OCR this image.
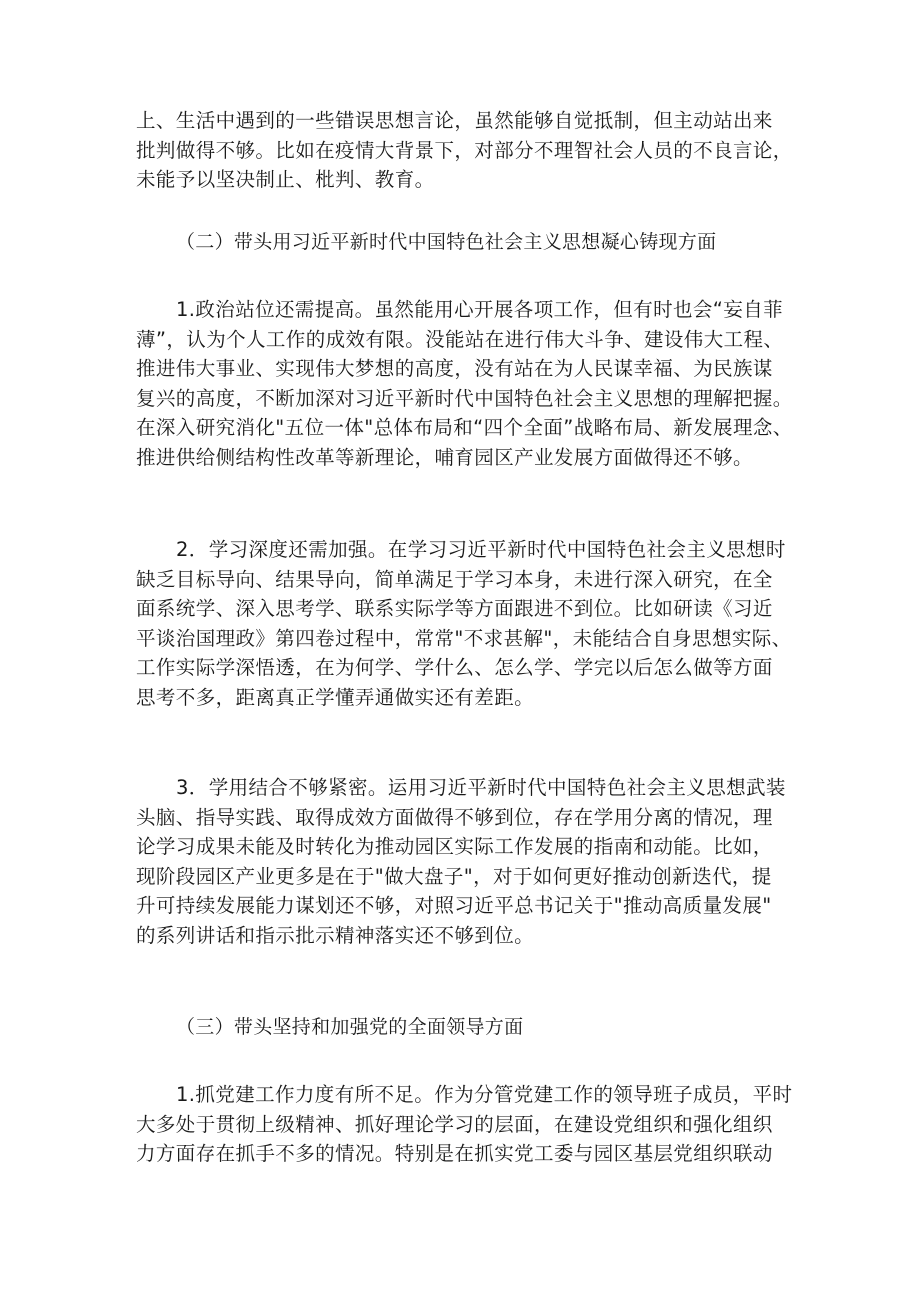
上、生活中遇到的一些错误思想言论，虽然能够自觉抵制，但主动站出来
批判做得不够。比如在疫情大背景下，对部分不理智社会人员的不良言论，
未能予以坚决制止、枇判、教育。
（二）带头用习近平新时代中国特色社会主义思想凝心铸现方面
1.政治站位还需提高。虽然能用心开展各项工作，但有时也会“妄自菲
薄”，认为个人工作的成效有限。没能站在进行伟大斗争、建设伟大工程、
推进伟大事业、实现伟大梦想的高度，没有站在为人民谋幸福、为民族谋
复兴的高度，不断加深对习近平新时代中国特色社会主义思想的理解把握。
在深入研究消化"五位一体"总体布局和“四个全面”战略布局、新发展理念、
推进供给侧结构性改革等新理论，哺育园区产业发展方面做得还不够。
2．学习深度还需加强。在学习习近平新时代中国特色社会主义思想时
缺乏目标导向、结果导向，简单满足于学习本身，未进行深入研究，在全
面系统学、深入思考学、联系实际学等方面跟进不到位。比如研读《习近
平谈治国理政》第四卷过程中，常常"不求甚解"，未能结合自身思想实际、
工作实际学深悟透，在为何学、学什么、怎么学、学完以后怎么做等方面
思考不多，距离真正学懂弄通做实还有差距。
3．学用结合不够紧密。运用习近平新时代中国特色社会主义思想武装
头脑、指导实践、取得成效方面做得不够到位，存在学用分离的情况，理
论学习成果未能及时转化为推动园区实际工作发展的指南和动能。比如，
现阶段园区产业更多是在于"做大盘子"，对于如何更好推动创新迭代，提
升可持续发展能力谋划还不够，对照习近平总书记关于"推动高质量发展"
的系列讲话和指示批示精神落实还不够到位。
（三）带头坚持和加强党的全面领导方面
1.抓党建工作力度有所不足。作为分管党建工作的领导班子成员，平时
大多处于贯彻上级精神、抓好理论学习的层面，在建设党组织和强化组织
力方面存在抓手不多的情况。特别是在抓实党工委与园区基层党组织联动
